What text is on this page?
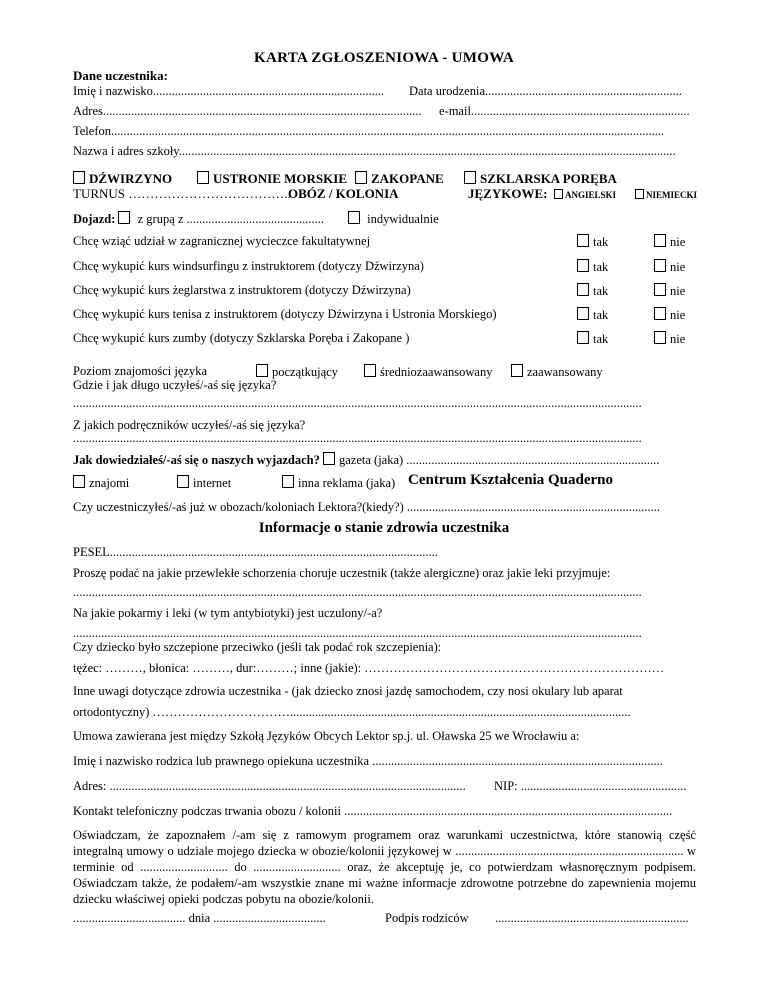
KARTA ZGŁOSZENIOWA - UMOWA
Dane uczestnika:
Imię i nazwisko.......................................................................... Data urodzenia...............................................................
Adres...................................................................................................... e-mail......................................................................
Telefon.................................................................................................................................................................................
Nazwa i adres szkoły...............................................................................................................................................................
DŹWIRZYNO	USTRONIE MORSKIE	ZAKOPANE	SZKLARSKA PORĘBA
TURNUS ………………………………..
OBÓZ / KOLONIA	JĘZYKOWE:	ANGIELSKI	NIEMIECKI
Dojazd: z grupą z ............................................	indywidualnie
Chcę wziąć udział w zagranicznej wycieczce fakultatywnej	tak	nie
Chcę wykupić kurs windsurfingu z instruktorem (dotyczy Dźwirzyna)	tak	nie
Chcę wykupić kurs żeglarstwa z instruktorem (dotyczy Dźwirzyna)	tak	nie
Chcę wykupić kurs tenisa z instruktorem (dotyczy Dźwirzyna i Ustronia Morskiego)	tak	nie
Chcę wykupić kurs zumby (dotyczy Szklarska Poręba i Zakopane )	tak	nie
Poziom znajomości języka	początkujący	średniozaawansowany	zaawansowany
Gdzie i jak długo uczyłeś/-aś się języka?
......................................................................................................................................................................................
Z jakich podręczników uczyłeś/-aś się języka?
......................................................................................................................................................................................
Jak dowiedziałeś/-aś się o naszych wyjazdach? gazeta (jaka) .................................................................................
znajomi	internet	inna reklama (jaka) Centrum Kształcenia Quaderno
Czy uczestniczyłeś/-aś już w obozach/koloniach Lektora?(kiedy?) .................................................................................
Informacje o stanie zdrowia uczestnika
PESEL.........................................................................................................
Proszę podać na jakie przewlekłe schorzenia choruje uczestnik (także alergiczne) oraz jakie leki przyjmuje:
......................................................................................................................................................................................
Na jakie pokarmy i leki (w tym antybiotyki) jest uczulony/-a?
......................................................................................................................................................................................
Czy dziecko było szczepione przeciwko (jeśli tak podać rok szczepienia):
tężec: ………, błonica: ………, dur:………; inne (jakie): ………………………………………………………………
Inne uwagi dotyczące zdrowia uczestnika - (jak dziecko znosi jazdę samochodem, czy nosi okulary lub aparat
ortodontyczny) …………………………….............................................................................................................
Umowa zawierana jest między Szkołą Języków Obcych Lektor sp.j. ul. Oławska 25 we Wrocławiu a:
Imię i nazwisko rodzica lub prawnego opiekuna uczestnika .............................................................................................
Adres: .................................................................................................................. NIP: .....................................................
Kontakt telefoniczny podczas trwania obozu / kolonii .........................................................................................................
Oświadczam, że zapoznałem /-am się z ramowym programem oraz warunkami uczestnictwa, które stanowią część integralną umowy o udziale mojego dziecka w obozie/kolonii językowej w ......................................................................... w terminie od ............................ do ............................ oraz, że akceptuję je, co potwierdzam własnoręcznym podpisem. Oświadczam także, że podałem/-am wszystkie znane mi ważne informacje zdrowotne potrzebne do zapewnienia mojemu dziecku właściwej opieki podczas pobytu na obozie/kolonii.
.................................... dnia ....................................	Podpis rodziców ..............................................................
